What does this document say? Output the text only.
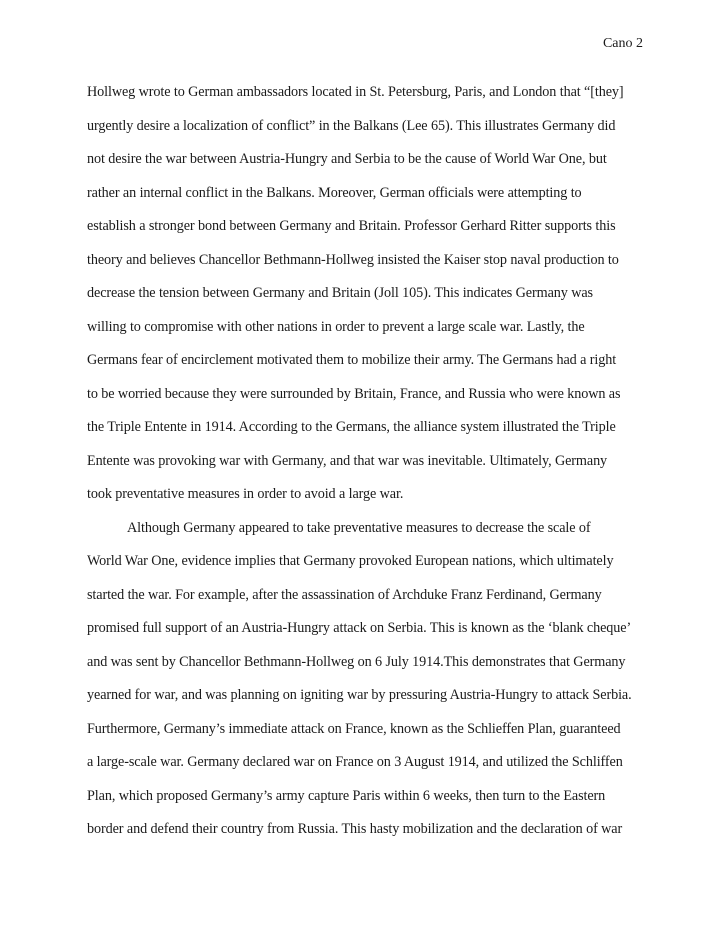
Cano 2
Hollweg wrote to German ambassadors located in St. Petersburg, Paris, and London that “[they]
urgently desire a localization of conflict” in the Balkans (Lee 65). This illustrates Germany did
not desire the war between Austria-Hungry and Serbia to be the cause of World War One, but
rather an internal conflict in the Balkans. Moreover, German officials were attempting to
establish a stronger bond between Germany and Britain. Professor Gerhard Ritter supports this
theory and believes Chancellor Bethmann-Hollweg insisted the Kaiser stop naval production to
decrease the tension between Germany and Britain (Joll 105). This indicates Germany was
willing to compromise with other nations in order to prevent a large scale war. Lastly, the
Germans fear of encirclement motivated them to mobilize their army. The Germans had a right
to be worried because they were surrounded by Britain, France, and Russia who were known as
the Triple Entente in 1914. According to the Germans, the alliance system illustrated the Triple
Entente was provoking war with Germany, and that war was inevitable. Ultimately, Germany
took preventative measures in order to avoid a large war.
Although Germany appeared to take preventative measures to decrease the scale of
World War One, evidence implies that Germany provoked European nations, which ultimately
started the war. For example, after the assassination of Archduke Franz Ferdinand, Germany
promised full support of an Austria-Hungry attack on Serbia. This is known as the ‘blank cheque’
and was sent by Chancellor Bethmann-Hollweg on 6 July 1914.This demonstrates that Germany
yearned for war, and was planning on igniting war by pressuring Austria-Hungry to attack Serbia.
Furthermore, Germany’s immediate attack on France, known as the Schlieffen Plan, guaranteed
a large-scale war. Germany declared war on France on 3 August 1914, and utilized the Schliffen
Plan, which proposed Germany’s army capture Paris within 6 weeks, then turn to the Eastern
border and defend their country from Russia. This hasty mobilization and the declaration of war
